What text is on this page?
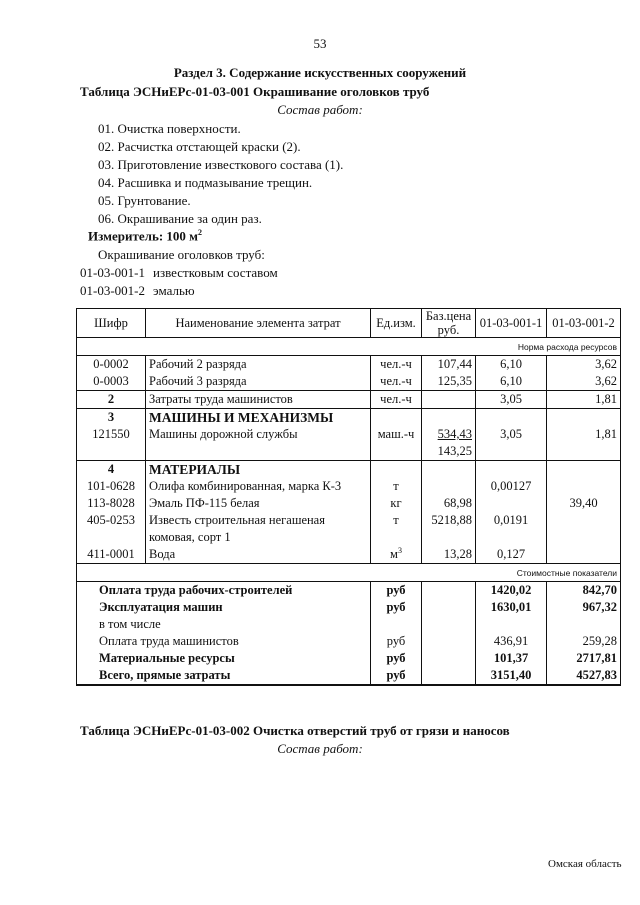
53
Раздел 3. Содержание искусственных сооружений
Таблица ЭСНиЕРс-01-03-001 Окрашивание оголовков труб
Состав работ:
01. Очистка поверхности.
02. Расчистка отстающей краски (2).
03. Приготовление известкового состава (1).
04. Расшивка и подмазывание трещин.
05. Грунтование.
06. Окрашивание за один раз.
Измеритель: 100 $м^2$
Окрашивание оголовков труб:
01-03-001-1 известковым составом
01-03-001-2 эмалью
Шифр	Наименование элемента затрат	Ед.изм.	Баз.цена руб.	01-03-001-1	01-03-001-2
Норма расхода ресурсов					
0-0002	Рабочий 2 разряда	чел.-ч	107,44	6,10	3,62
0-0003	Рабочий 3 разряда	чел.-ч	125,35	6,10	3,62
2	Затраты труда машинистов	чел.-ч		3,05	1,81
3	МАШИНЫ И МЕХАНИЗМЫ				
121550	Машины дорожной службы	маш.-ч	534,43	3,05	1,81
			143,25		
4	МАТЕРИАЛЫ				
101-0628	Олифа комбинированная, марка К-3	т		0,00127	
113-8028	Эмаль ПФ-115 белая	кг	68,98		39,40
405-0253	Известь строительная негашеная	т	5218,88	0,0191	
	комовая, сорт 1				
411-0001	Вода	$м^3$	13,28	0,127	
Стоимостные показатели					
Оплата труда рабочих-строителей		руб		1420,02	842,70
Эксплуатация машин		руб		1630,01	967,32
в том числе					
Оплата труда машинистов		руб		436,91	259,28
Материальные ресурсы		руб		101,37	2717,81
Всего, прямые затраты		руб		3151,40	4527,83
Таблица ЭСНиЕРс-01-03-002 Очистка отверстий труб от грязи и наносов
Состав работ:
Омская область
